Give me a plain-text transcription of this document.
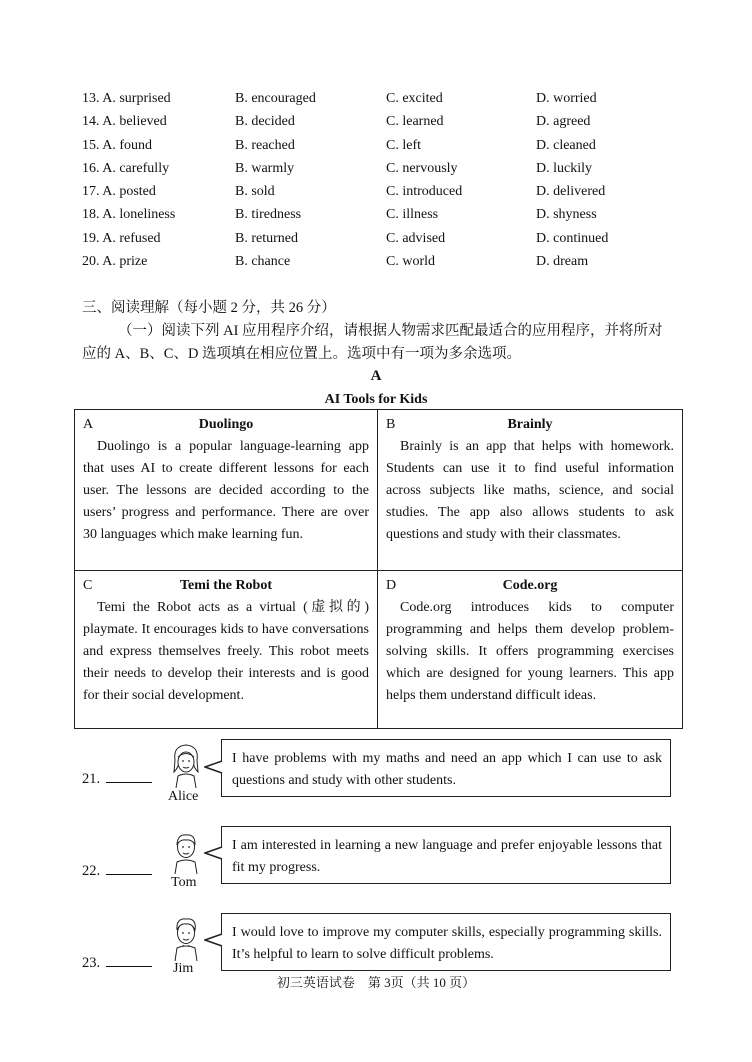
13. A. surprised	B. encouraged	C. excited	D. worried
14. A. believed	B. decided	C. learned	D. agreed
15. A. found	B. reached	C. left	D. cleaned
16. A. carefully	B. warmly	C. nervously	D. luckily
17. A. posted	B. sold	C. introduced	D. delivered
18. A. loneliness	B. tiredness	C. illness	D. shyness
19. A. refused	B. returned	C. advised	D. continued
20. A. prize	B. chance	C. world	D. dream
三、阅读理解（每小题 2 分，共 26 分）
（一）阅读下列 AI 应用程序介绍，请根据人物需求匹配最适合的应用程序，并将所对应的 A、B、C、D 选项填在相应位置上。选项中有一项为多余选项。
A
AI Tools for Kids
A	Duolingo
Duolingo is a popular language-learning app that uses AI to create different lessons for each user. The lessons are decided according to the users’ progress and performance. There are over 30 languages which make learning fun.
B	Brainly
Brainly is an app that helps with homework. Students can use it to find useful information across subjects like maths, science, and social studies. The app also allows students to ask questions and study with their classmates.
C	Temi the Robot
Temi the Robot acts as a virtual (虚拟的) playmate. It encourages kids to have conversations and express themselves freely. This robot meets their needs to develop their interests and is good for their social development.
D	Code.org
Code.org introduces kids to computer programming and helps them develop problem-solving skills. It offers programming exercises which are designed for young learners. This app helps them understand difficult ideas.
21.
Alice
I have problems with my maths and need an app which I can use to ask questions and study with other students.
22.
Tom
I am interested in learning a new language and prefer enjoyable lessons that fit my progress.
23.	Jim
I would love to improve my computer skills, especially programming skills. It’s helpful to learn to solve difficult problems.
初三英语试卷　第 3页（共 10 页）
